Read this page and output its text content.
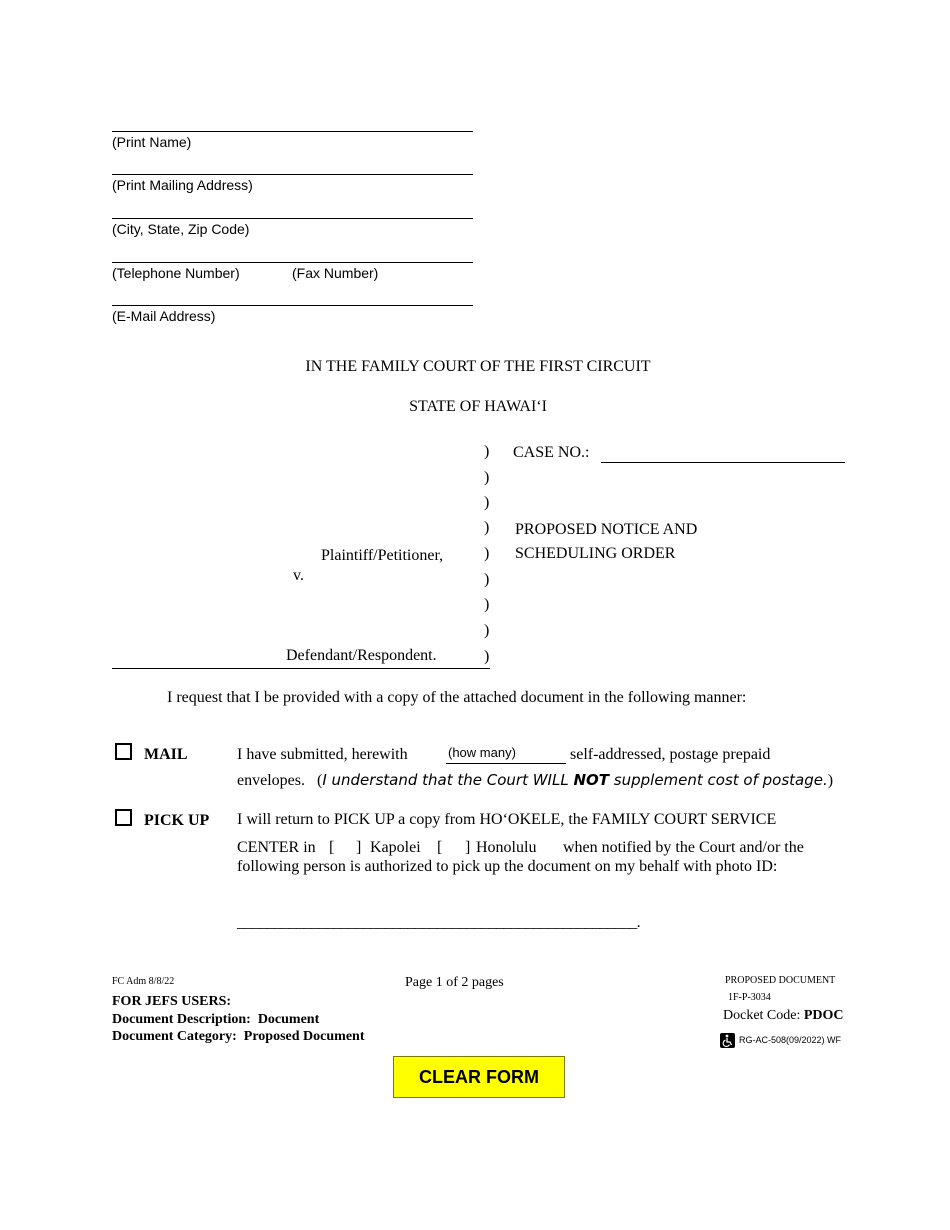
(Print Name)
(Print Mailing Address)
(City, State, Zip Code)
(Telephone Number)	(Fax Number)
(E-Mail Address)
IN THE FAMILY COURT OF THE FIRST CIRCUIT
STATE OF HAWAI‘I
)
)
)
)
)
)
)
)
)
Plaintiff/Petitioner,
v.
Defendant/Respondent.
CASE NO.:
PROPOSED NOTICE AND
SCHEDULING ORDER
I request that I be provided with a copy of the attached document in the following manner:
MAIL	I have submitted, herewith	(how many)	self-addressed, postage prepaid
envelopes. (I understand that the Court WILL NOT supplement cost of postage.)
PICK UP I will return to PICK UP a copy from HO‘OKELE, the FAMILY COURT SERVICE
CENTER in [ ] Kapolei [ ] Honolulu when notified by the Court and/or the
following person is authorized to pick up the document on my behalf with photo ID:
______________________________________________________.
FC Adm 8/8/22	Page 1 of 2 pages	PROPOSED DOCUMENT
1F-P-3034
Docket Code: PDOC
FOR JEFS USERS:
Document Description: Document
Document Category: Proposed Document	RG-AC-508(09/2022) WF
CLEAR FORM
